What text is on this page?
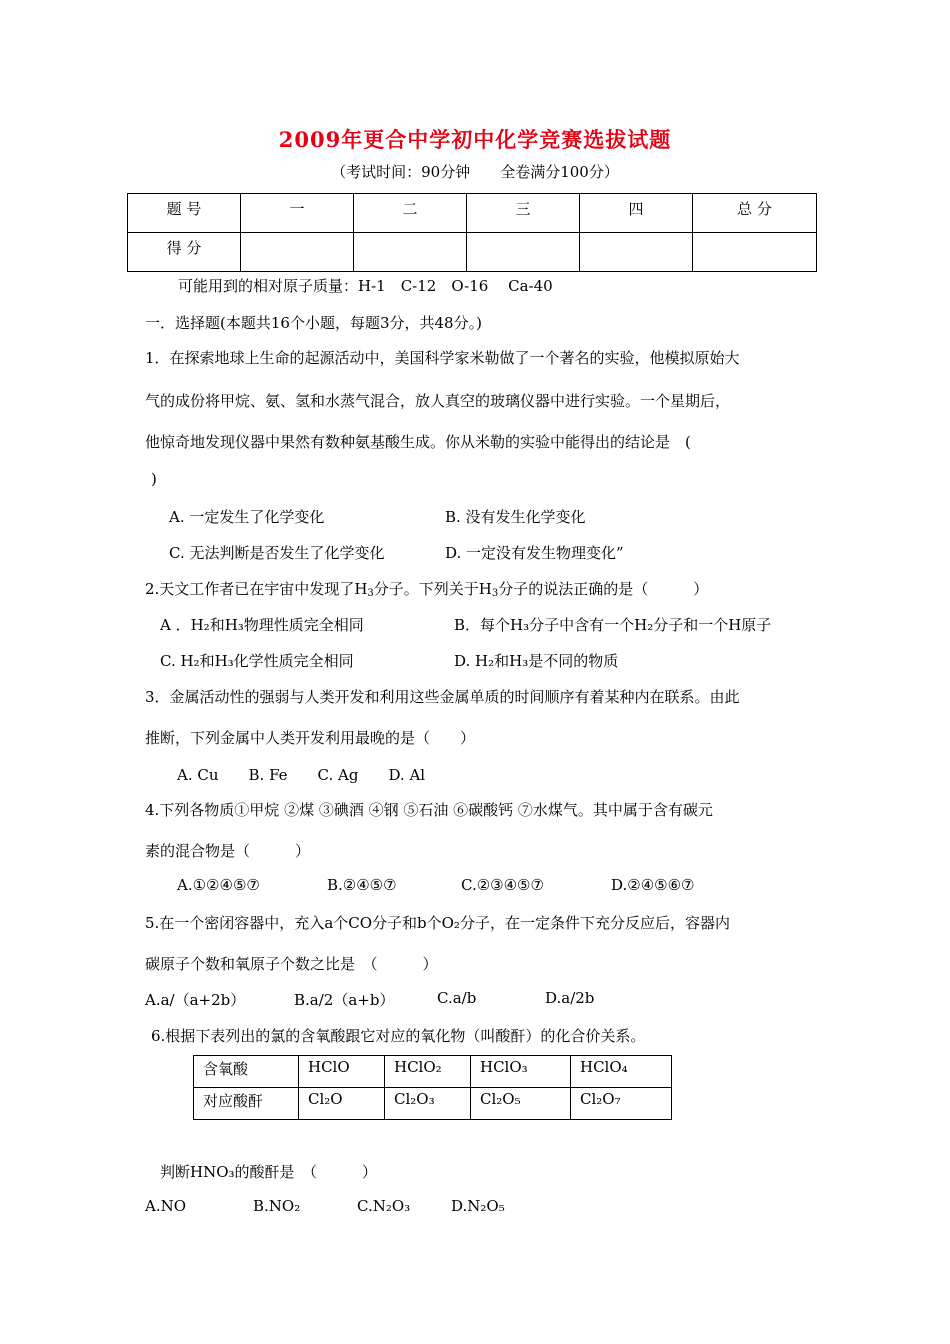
2009年更合中学初中化学竞赛选拔试题
（考试时间：90分钟　　全卷满分100分）
题 号	一	二	三	四	总 分
得 分					
可能用到的相对原子质量：H-1　C-12　O-16　 Ca-40
一．选择题(本题共16个小题，每题3分，共48分。)
1．在探索地球上生命的起源活动中，美国科学家米勒做了一个著名的实验，他模拟原始大
气的成份将甲烷、氨、氢和水蒸气混合，放人真空的玻璃仪器中进行实验。一个星期后，
他惊奇地发现仪器中果然有数种氨基酸生成。你从米勒的实验中能得出的结论是　(
)
A. 一定发生了化学变化	B. 没有发生化学变化
C. 无法判断是否发生了化学变化	D. 一定没有发生物理变化”
2.天文工作者已在宇宙中发现了$H_3$分子。下列关于$H_3$分子的说法正确的是（　　　）
A ．H₂和H₃物理性质完全相同	B．每个H₃分子中含有一个H₂分子和一个H原子
C. H₂和H₃化学性质完全相同	D. H₂和H₃是不同的物质
3．金属活动性的强弱与人类开发和利用这些金属单质的时间顺序有着某种内在联系。由此
推断，下列金属中人类开发利用最晚的是（　　）
A. Cu　　B. Fe　　C. Ag　　D. Al
4.下列各物质①甲烷 ②煤 ③碘酒 ④钢 ⑤石油 ⑥碳酸钙 ⑦水煤气。其中属于含有碳元
素的混合物是（　　　）
A.①②④⑤⑦	B.②④⑤⑦	C.②③④⑤⑦	D.②④⑤⑥⑦
5.在一个密闭容器中，充入a个CO分子和b个O₂分子，在一定条件下充分反应后，容器内
碳原子个数和氧原子个数之比是　（　　　）
A.a/（a+2b）	B.a/2（a+b）	C.a/b	D.a/2b
6.根据下表列出的氯的含氧酸跟它对应的氧化物（叫酸酐）的化合价关系。
含氧酸	HClO	HClO₂	HClO₃	HClO₄
对应酸酐	Cl₂O	Cl₂O₃	Cl₂O₅	Cl₂O₇
判断HNO₃的酸酐是　（　　　）
A.NO	B.NO₂	C.N₂O₃	D.N₂O₅
